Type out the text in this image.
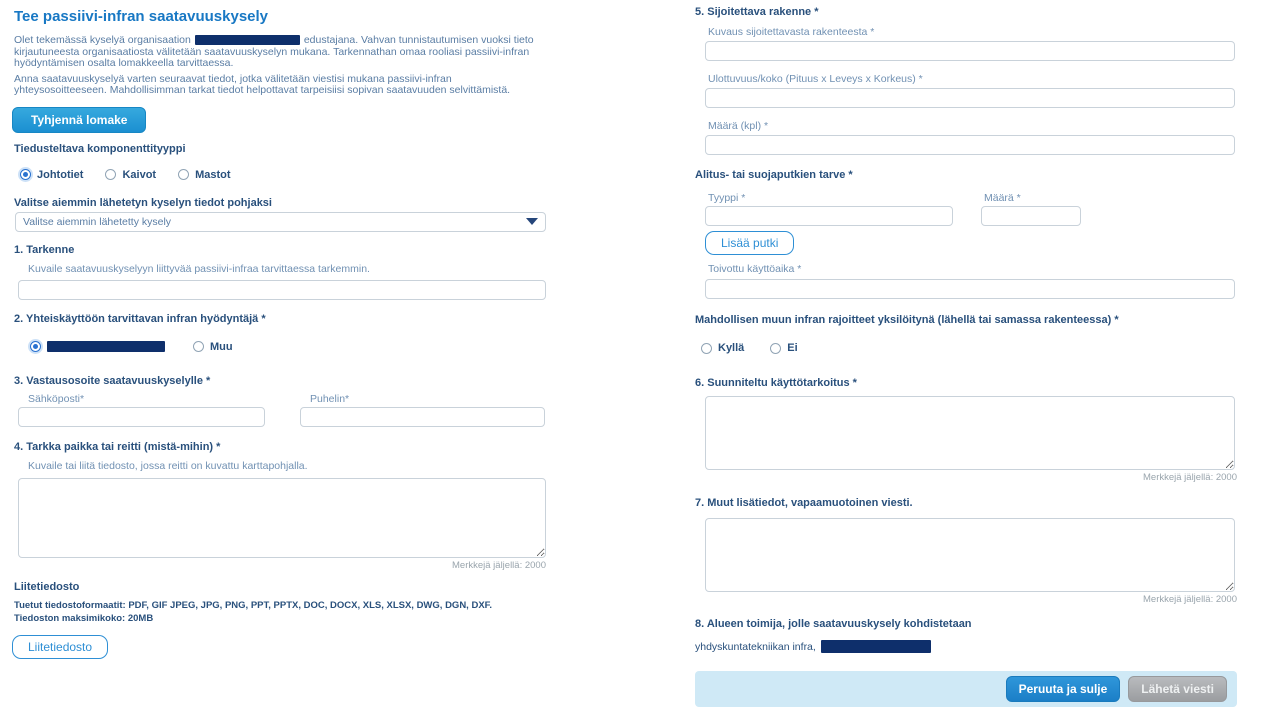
Tee passiivi-infran saatavuuskysely

Olet tekemässä kyselyä organisaation	edustajana. Vahvan tunnistautumisen vuoksi tieto kirjautuneesta organisaatiosta välitetään saatavuuskyselyn mukana. Tarkennathan omaa rooliasi passiivi-infran hyödyntämisen osalta lomakkeella tarvittaessa.

Anna saatavuuskyselyä varten seuraavat tiedot, jotka välitetään viestisi mukana passiivi-infran yhteysosoitteeseen. Mahdollisimman tarkat tiedot helpottavat tarpeisiisi sopivan saatavuuden selvittämistä.

Tyhjennä lomake
Tiedusteltava komponenttityyppi
Johtotiet	Kaivot	Mastot
Valitse aiemmin lähetetyn kyselyn tiedot pohjaksi
Valitse aiemmin lähetetty kysely
1. Tarkenne
Kuvaile saatavuuskyselyyn liittyvää passiivi-infraa tarvittaessa tarkemmin.
2. Yhteiskäyttöön tarvittavan infran hyödyntäjä *
Muu
3. Vastausosoite saatavuuskyselylle *
Sähköposti*	Puhelin*
4. Tarkka paikka tai reitti (mistä-mihin) *
Kuvaile tai liitä tiedosto, jossa reitti on kuvattu karttapohjalla.
Merkkejä jäljellä: 2000
Liitetiedosto
Tuetut tiedostoformaatit: PDF, GIF JPEG, JPG, PNG, PPT, PPTX, DOC, DOCX, XLS, XLSX, DWG, DGN, DXF.
Tiedoston maksimikoko: 20MB
Liitetiedosto
5. Sijoitettava rakenne *
Kuvaus sijoitettavasta rakenteesta *
Ulottuvuus/koko (Pituus x Leveys x Korkeus) *
Määrä (kpl) *
Alitus- tai suojaputkien tarve *
Tyyppi *	Määrä *
Lisää putki
Toivottu käyttöaika *
Mahdollisen muun infran rajoitteet yksilöitynä (lähellä tai samassa rakenteessa) *
Kyllä	Ei
6. Suunniteltu käyttötarkoitus *
Merkkejä jäljellä: 2000
7. Muut lisätiedot, vapaamuotoinen viesti.
Merkkejä jäljellä: 2000
8. Alueen toimija, jolle saatavuuskysely kohdistetaan
yhdyskuntatekniikan infra,
Peruuta ja sulje	Lähetä viesti
